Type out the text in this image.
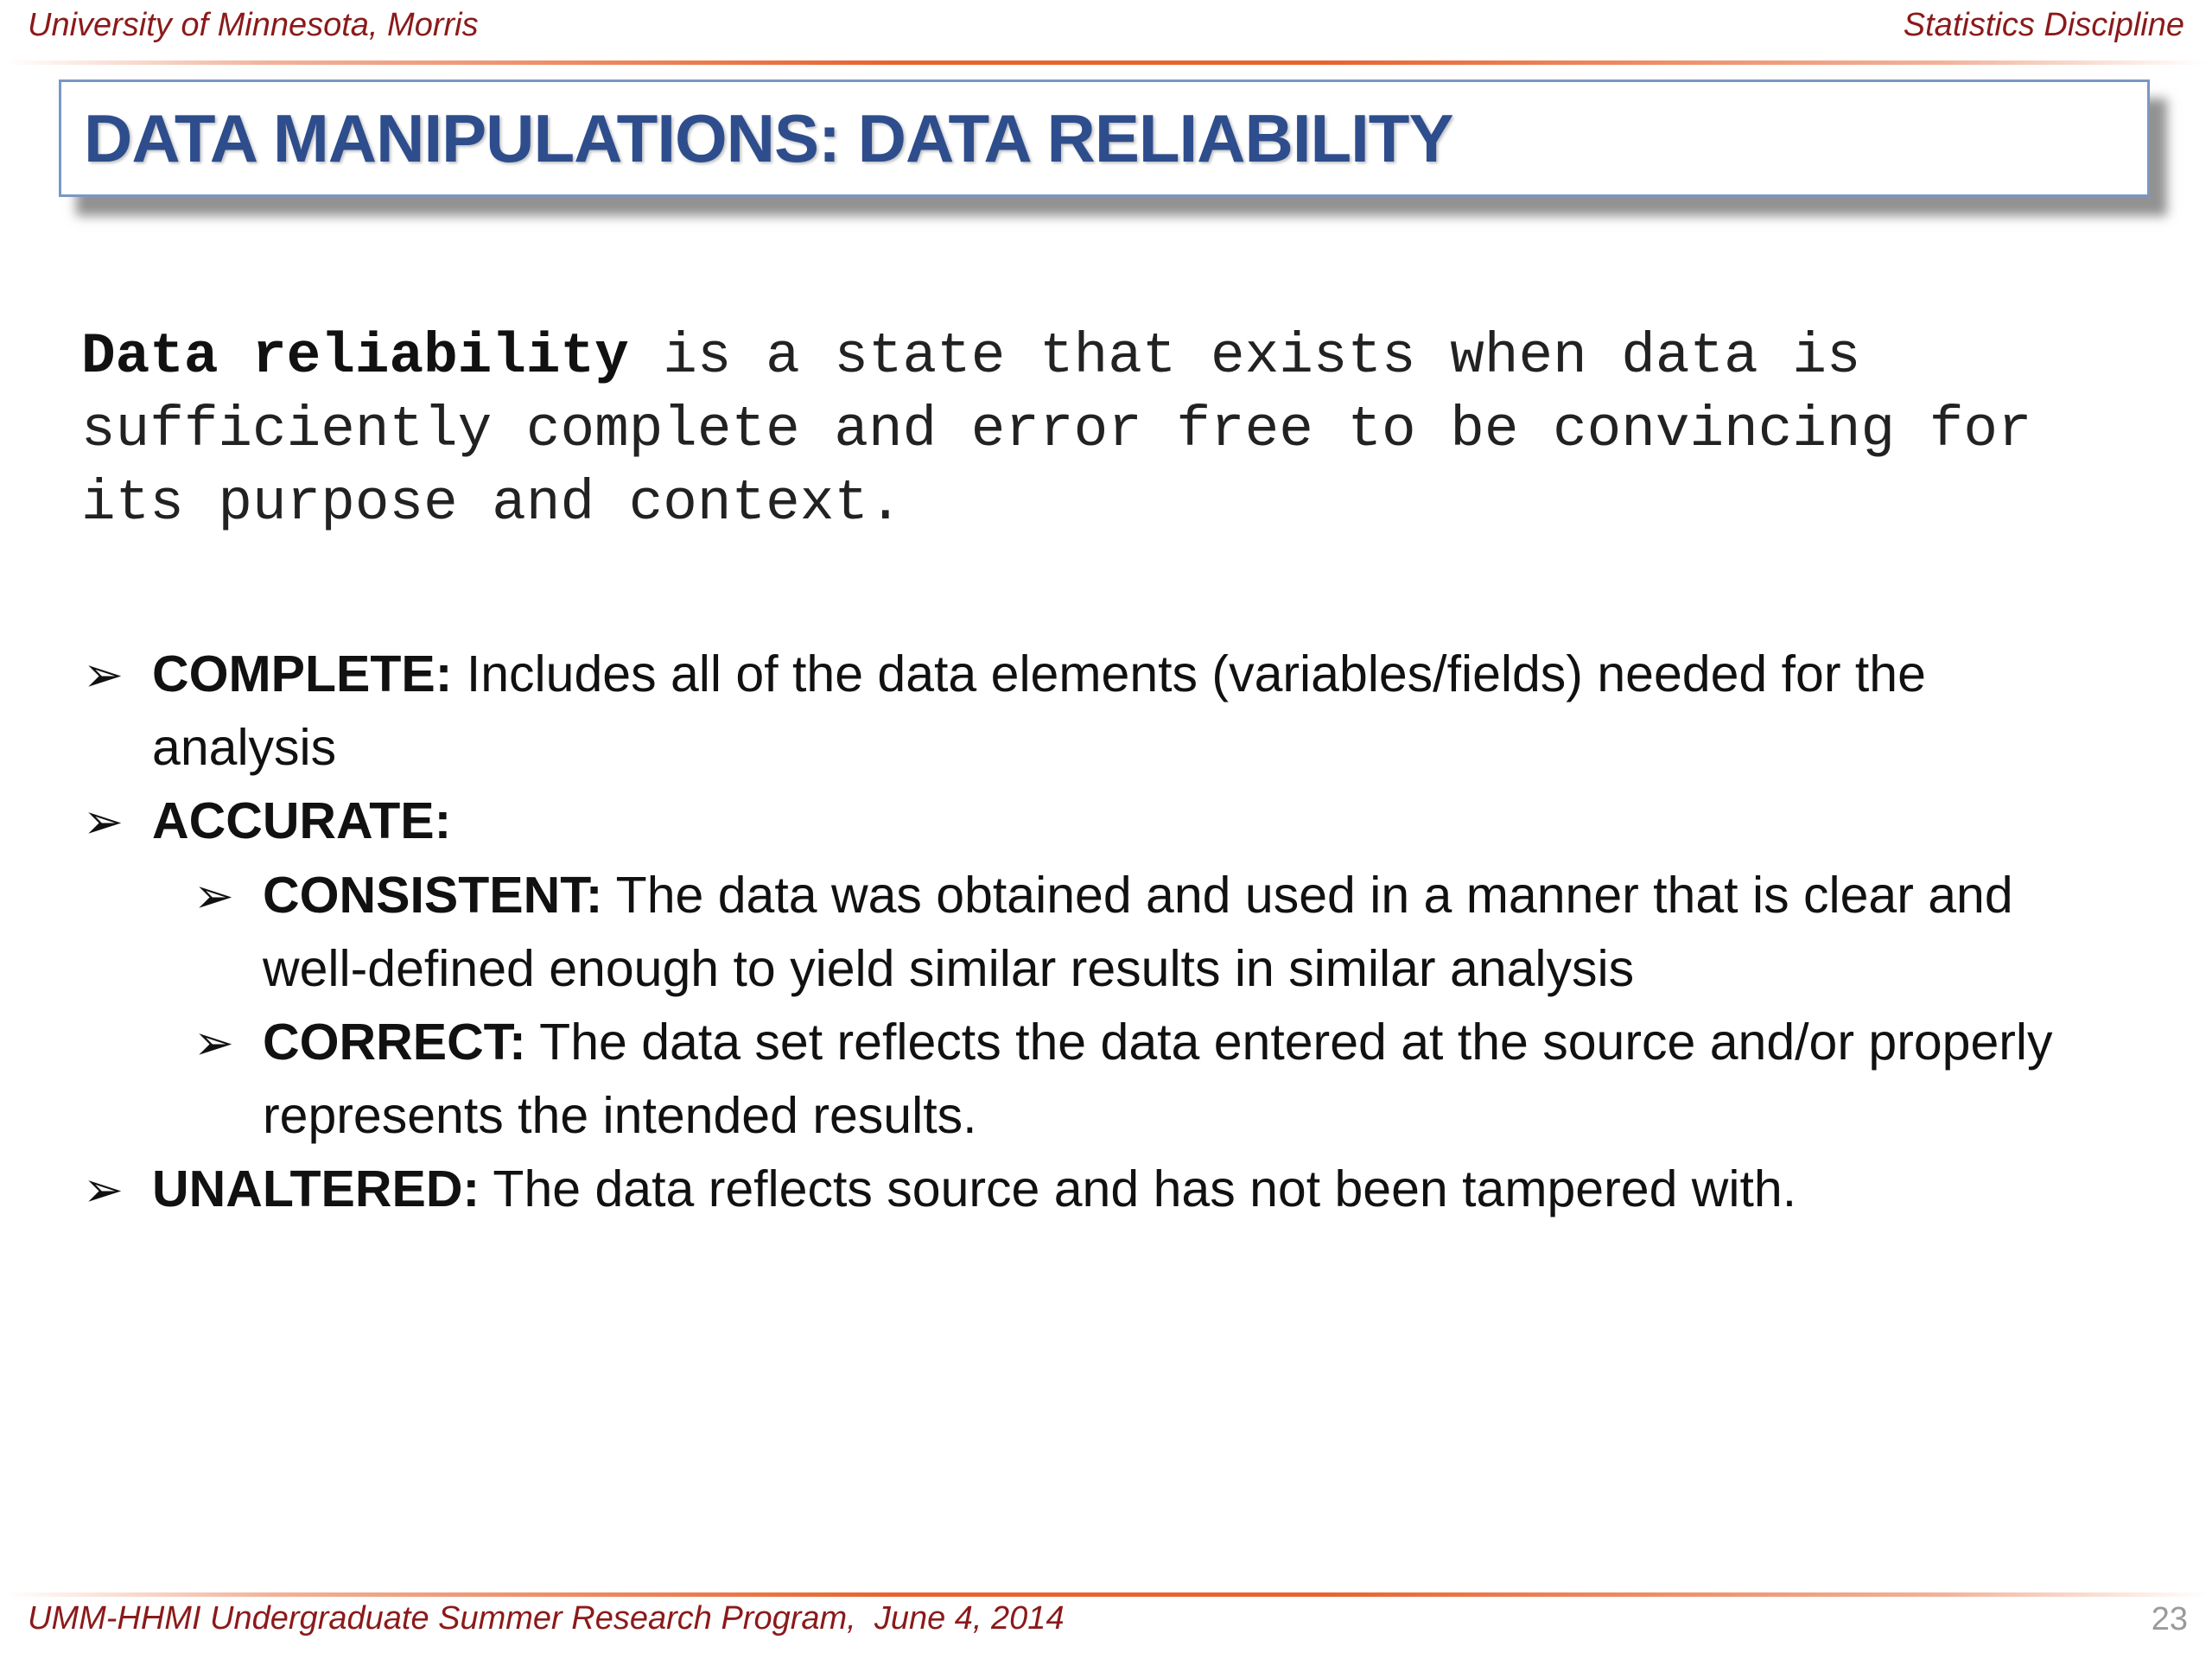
University of Minnesota, Morris	Statistics Discipline
DATA MANIPULATIONS: DATA RELIABILITY
Data reliability is a state that exists when data is sufficiently complete and error free to be convincing for its purpose and context.
➢ COMPLETE: Includes all of the data elements (variables/fields) needed for the analysis
➢ ACCURATE:
➢ CONSISTENT: The data was obtained and used in a manner that is clear and well-defined enough to yield similar results in similar analysis
➢ CORRECT: The data set reflects the data entered at the source and/or properly represents the intended results.
➢ UNALTERED: The data reflects source and has not been tampered with.
UMM-HHMI Undergraduate Summer Research Program,  June 4, 2014	23
